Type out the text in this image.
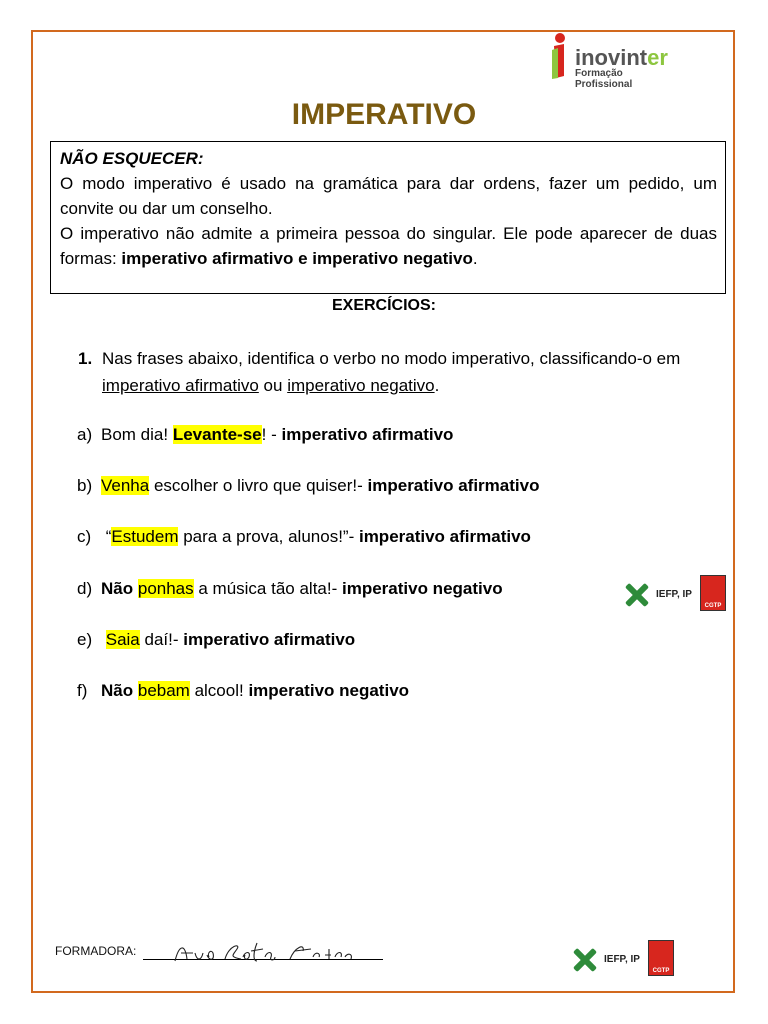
inovinter
Formação Profissional
IMPERATIVO
NÃO ESQUECER:

O modo imperativo é usado na gramática para dar ordens, fazer um pedido, um convite ou dar um conselho.

O imperativo não admite a primeira pessoa do singular. Ele pode aparecer de duas formas: imperativo afirmativo e imperativo negativo.

EXERCÍCIOS:
1. Nas frases abaixo, identifica o verbo no modo imperativo, classificando-o em imperativo afirmativo ou imperativo negativo.
a) Bom dia! Levante-se! - imperativo afirmativo
b) Venha escolher o livro que quiser!- imperativo afirmativo
c) “Estudem para a prova, alunos!”- imperativo afirmativo
d) Não ponhas a música tão alta!- imperativo negativo
e) Saia daí!- imperativo afirmativo
f) Não bebam alcool! imperativo negativo
IEFP, IP
CGTP
FORMADORA:
IEFP, IP
CGTP
